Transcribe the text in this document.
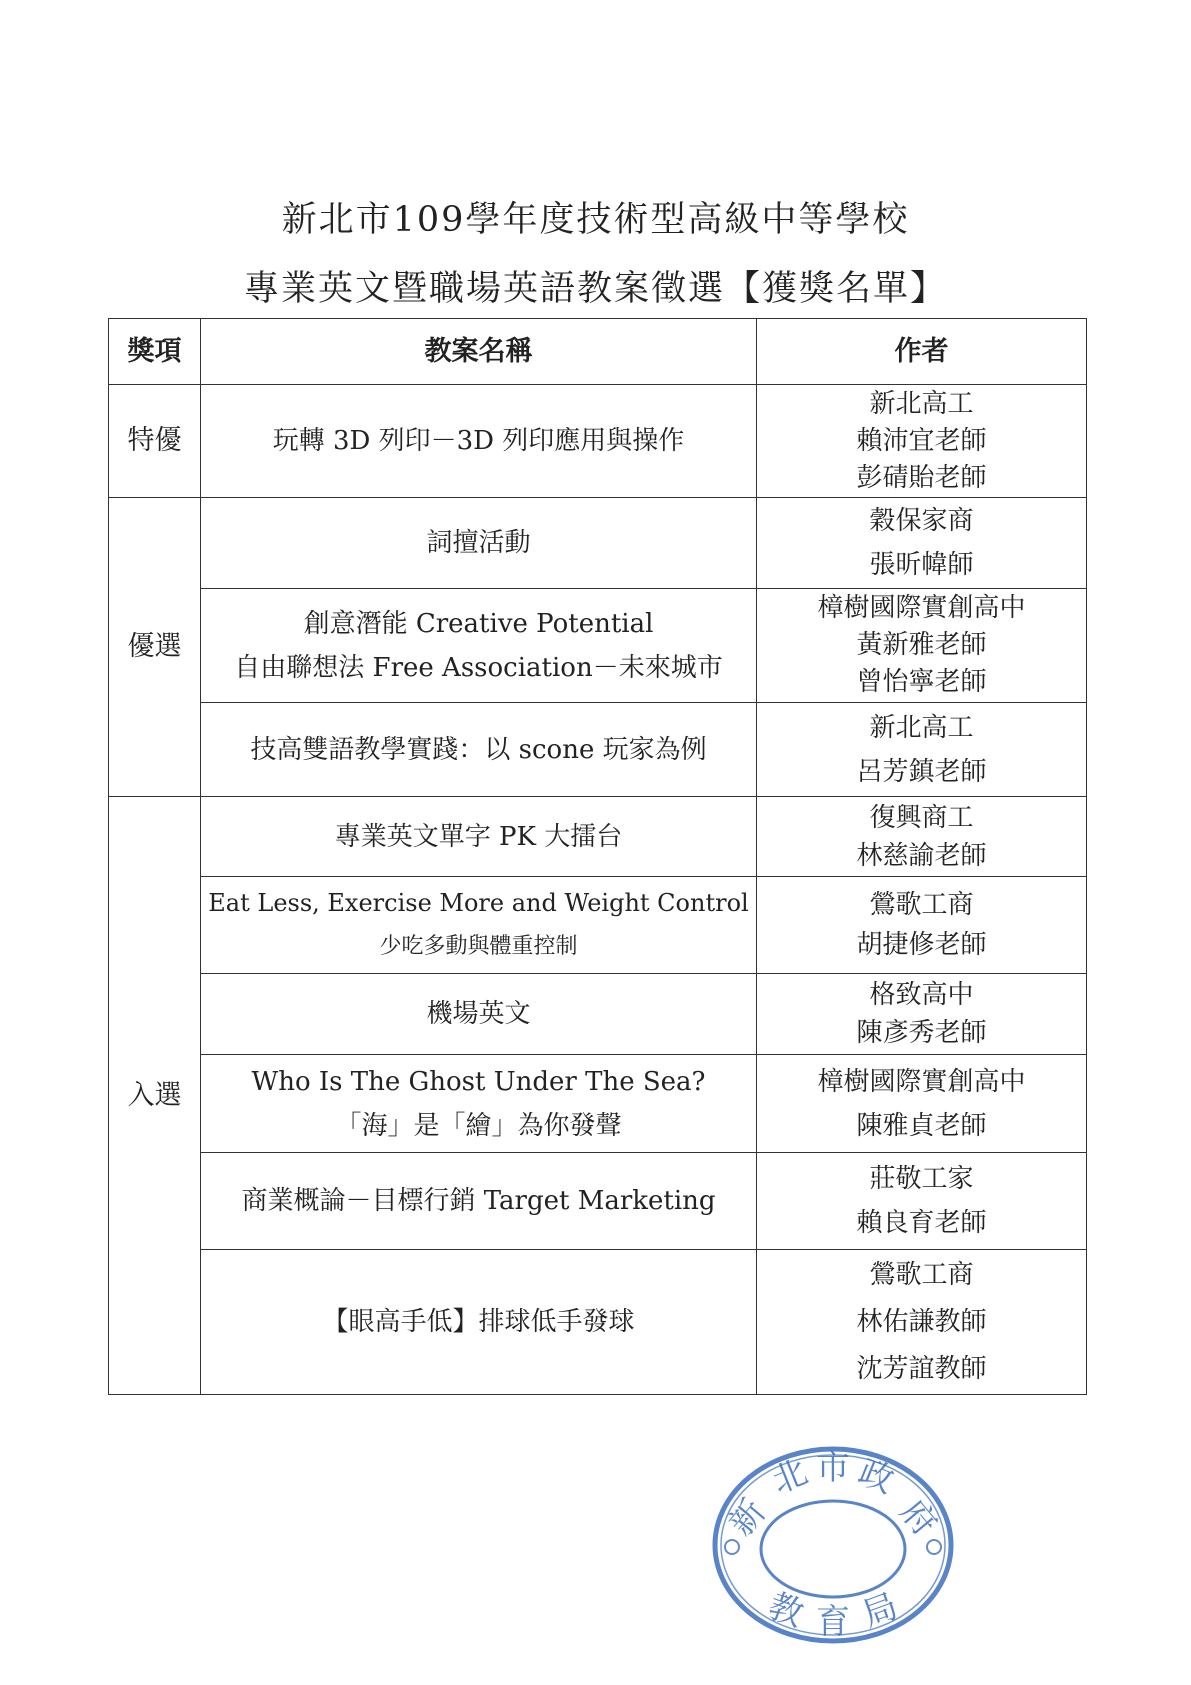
新北市109學年度技術型高級中等學校
專業英文暨職場英語教案徵選【獲獎名單】
獎項	教案名稱	作者
特優	玩轉 3D 列印－3D 列印應用與操作	新北高工
賴沛宜老師
彭碃貽老師

優選	詞擅活動	穀保家商
張昕幃師

	創意潛能 Creative Potential
自由聯想法 Free Association－未來城市	樟樹國際實創高中
黃新雅老師
曾怡寧老師

	技高雙語教學實踐：以 scone 玩家為例	新北高工
呂芳鎮老師

入選	專業英文單字 PK 大擂台	復興商工
林慈諭老師

	Eat Less, Exercise More and Weight Control
少吃多動與體重控制	鶯歌工商
胡捷修老師

	機場英文	格致高中
陳彥秀老師

	Who Is The Ghost Under The Sea?
「海」是「繪」為你發聲	樟樹國際實創高中
陳雅貞老師

	商業概論－目標行銷 Target Marketing	莊敬工家
賴良育老師

	【眼高手低】排球低手發球	鶯歌工商
林佑謙教師
沈芳誼教師
新
北 市 政
府
教 育 局
